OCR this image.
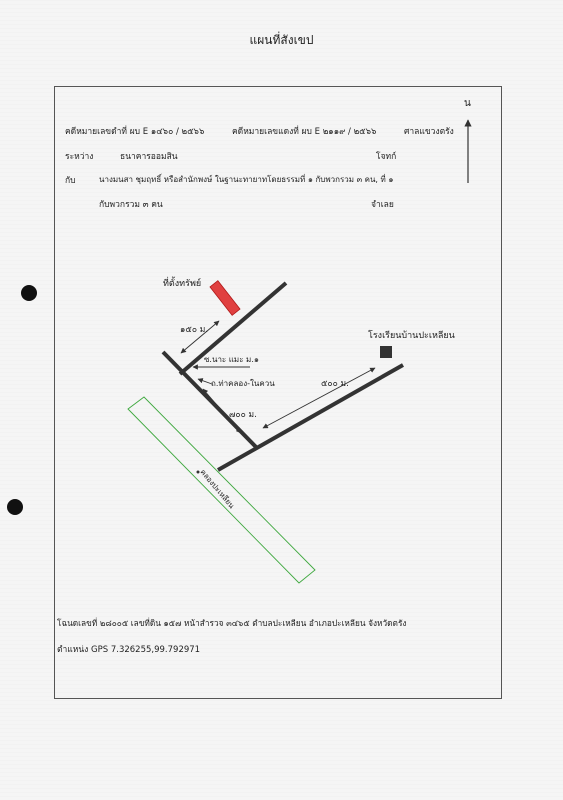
แผนที่สังเขป
คดีหมายเลขดำที่ ผบ E ๑๔๖๐ / ๒๕๖๖	คดีหมายเลขแดงที่ ผบ E ๒๑๑๙ / ๒๕๖๖	ศาลแขวงตรัง
ระหว่าง	ธนาคารออมสิน	โจทก์
กับ	นางมนสา ชุมฤทธิ์ หรือสำนักพงษ์ ในฐานะทายาทโดยธรรมที่ ๑ กับพวกรวม ๓ คน, ที่ ๑
กับพวกรวม ๓ คน	จำเลย
น
คลองปะเหลียน
ที่ตั้งทรัพย์
โรงเรียนบ้านปะเหลียน
๑๕๐ ม.
ซ.นาะ แมะ ม.๑
ถ.ท่าคลอง-ในควน
๗๐๐ ม.
๕๐๐ ม.
โฉนดเลขที่ ๒๘๐๐๕ เลขที่ดิน ๑๕๗ หน้าสำรวจ ๓๔๖๕ ตำบลปะเหลียน อำเภอปะเหลียน จังหวัดตรัง
ตำแหน่ง GPS 7.326255,99.792971
